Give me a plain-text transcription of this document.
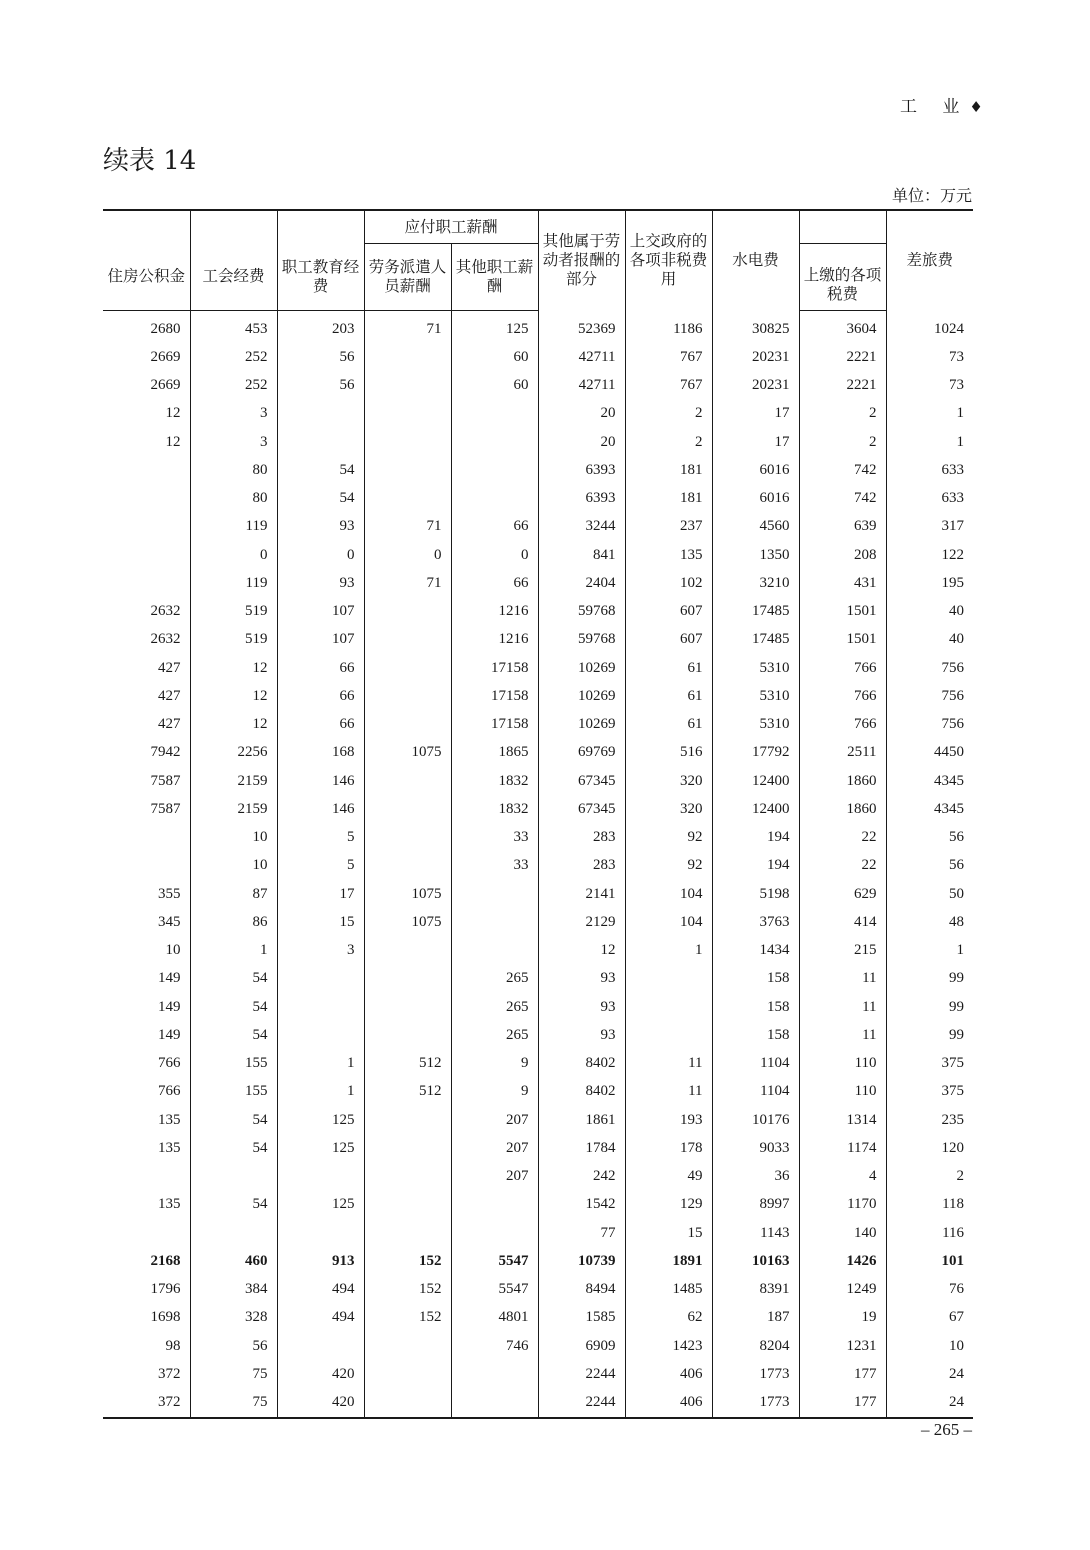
工 业♦
续表 14
单位：万元
			应付职工薪酬		其他属于劳动者报酬的部分	上交政府的各项非税费用	水电费		差旅费
住房公积金	工会经费	职工教育经费	劳务派遣人员薪酬	其他职工薪酬				上缴的各项税费	

2680	453	203	71	125	52369	1186	30825	3604	1024
2669	252	56		60	42711	767	20231	2221	73
2669	252	56		60	42711	767	20231	2221	73
12	3				20	2	17	2	1
12	3				20	2	17	2	1
	80	54			6393	181	6016	742	633
	80	54			6393	181	6016	742	633
	119	93	71	66	3244	237	4560	639	317
	0	0	0	0	841	135	1350	208	122
	119	93	71	66	2404	102	3210	431	195
2632	519	107		1216	59768	607	17485	1501	40
2632	519	107		1216	59768	607	17485	1501	40
427	12	66		17158	10269	61	5310	766	756
427	12	66		17158	10269	61	5310	766	756
427	12	66		17158	10269	61	5310	766	756
7942	2256	168	1075	1865	69769	516	17792	2511	4450
7587	2159	146		1832	67345	320	12400	1860	4345
7587	2159	146		1832	67345	320	12400	1860	4345
	10	5		33	283	92	194	22	56
	10	5		33	283	92	194	22	56
355	87	17	1075		2141	104	5198	629	50
345	86	15	1075		2129	104	3763	414	48
10	1	3			12	1	1434	215	1
149	54			265	93		158	11	99
149	54			265	93		158	11	99
149	54			265	93		158	11	99
766	155	1	512	9	8402	11	1104	110	375
766	155	1	512	9	8402	11	1104	110	375
135	54	125		207	1861	193	10176	1314	235
135	54	125		207	1784	178	9033	1174	120
				207	242	49	36	4	2
135	54	125			1542	129	8997	1170	118
					77	15	1143	140	116
2168	460	913	152	5547	10739	1891	10163	1426	101
1796	384	494	152	5547	8494	1485	8391	1249	76
1698	328	494	152	4801	1585	62	187	19	67
98	56			746	6909	1423	8204	1231	10
372	75	420			2244	406	1773	177	24
372	75	420			2244	406	1773	177	24
– 265 –
